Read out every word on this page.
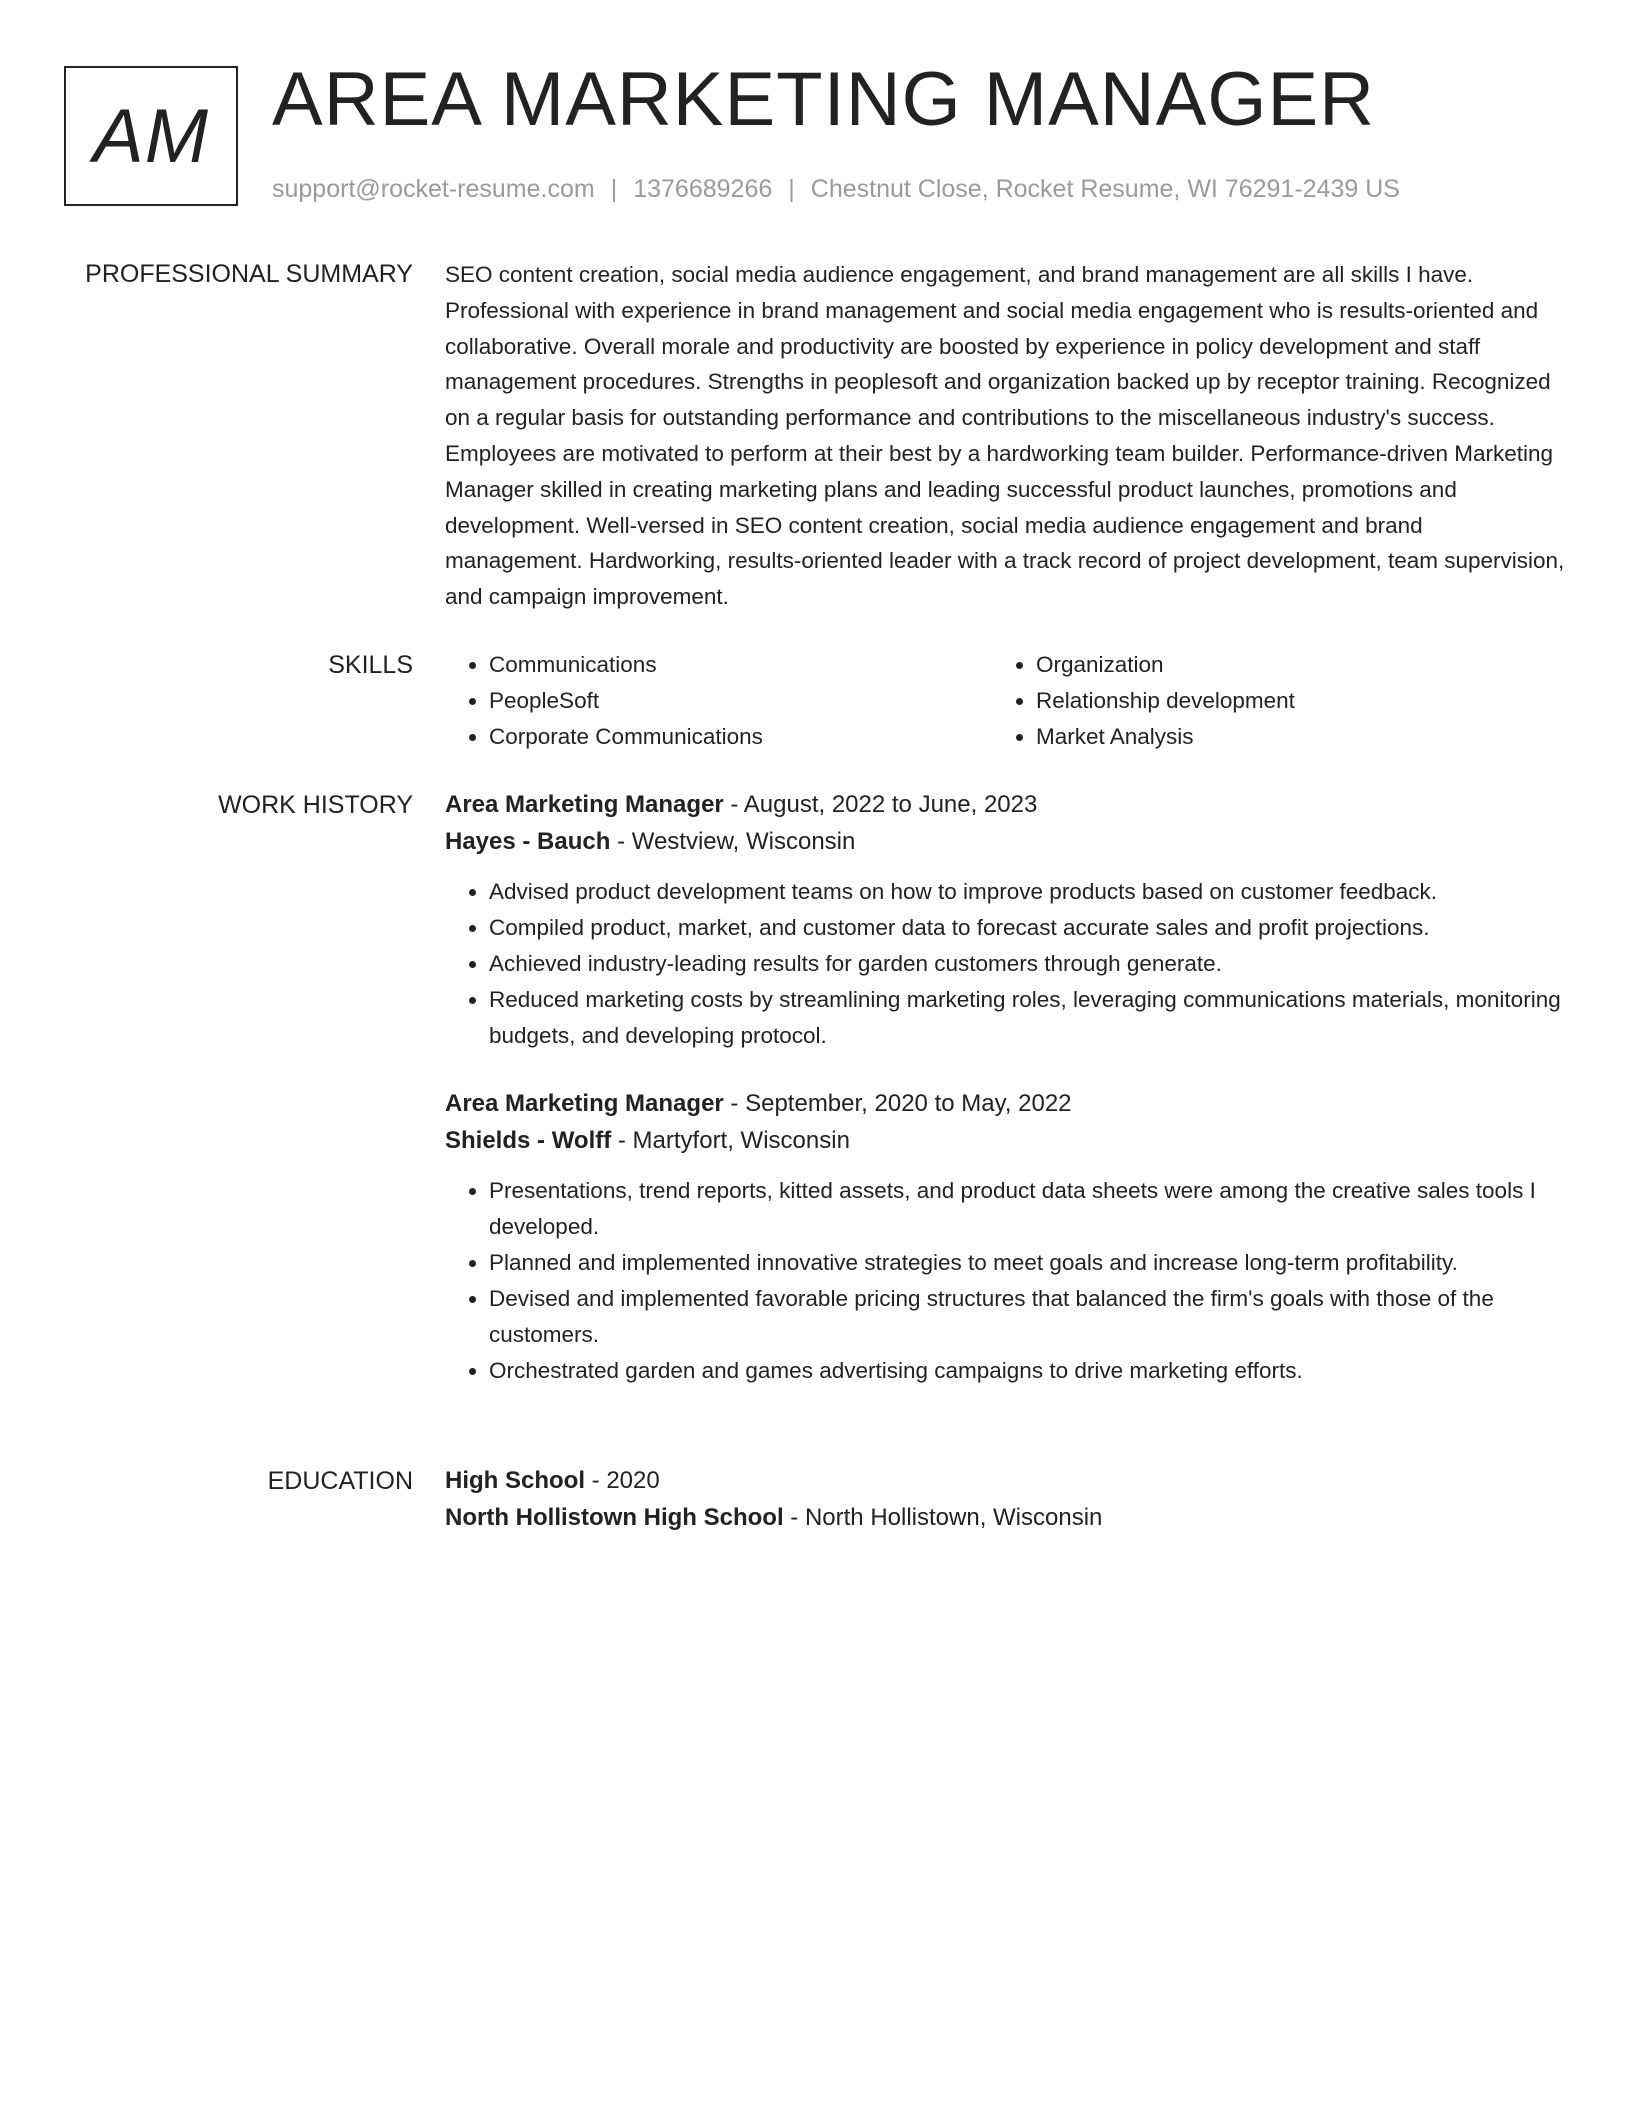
AM AREA MARKETING MANAGER
support@rocket-resume.com | 1376689266 | Chestnut Close, Rocket Resume, WI 76291-2439 US
PROFESSIONAL SUMMARY SEO content creation, social media audience engagement, and brand management are all skills I have. Professional with experience in brand management and social media engagement who is results-oriented and collaborative. Overall morale and productivity are boosted by experience in policy development and staff management procedures. Strengths in peoplesoft and organization backed up by receptor training. Recognized on a regular basis for outstanding performance and contributions to the miscellaneous industry's success. Employees are motivated to perform at their best by a hardworking team builder. Performance-driven Marketing Manager skilled in creating marketing plans and leading successful product launches, promotions and development. Well-versed in SEO content creation, social media audience engagement and brand management. Hardworking, results-oriented leader with a track record of project development, team supervision, and campaign improvement.

SKILLS
•	Communications
• PeopleSoft
• Corporate Communications
• Organization
• Relationship development
• Market Analysis
WORK HISTORY Area Marketing Manager - August, 2022 to June, 2023
Hayes - Bauch - Westview, Wisconsin
• Advised product development teams on how to improve products based on customer feedback.
• Compiled product, market, and customer data to forecast accurate sales and profit projections.
• Achieved industry-leading results for garden customers through generate.
• Reduced marketing costs by streamlining marketing roles, leveraging communications materials, monitoring budgets, and developing protocol.
Area Marketing Manager - September, 2020 to May, 2022
Shields - Wolff - Martyfort, Wisconsin
• Presentations, trend reports, kitted assets, and product data sheets were among the creative sales tools I developed.
• Planned and implemented innovative strategies to meet goals and increase long-term profitability.
• Devised and implemented favorable pricing structures that balanced the firm's goals with those of the customers.
• Orchestrated garden and games advertising campaigns to drive marketing efforts.
EDUCATION High School - 2020
North Hollistown High School - North Hollistown, Wisconsin
